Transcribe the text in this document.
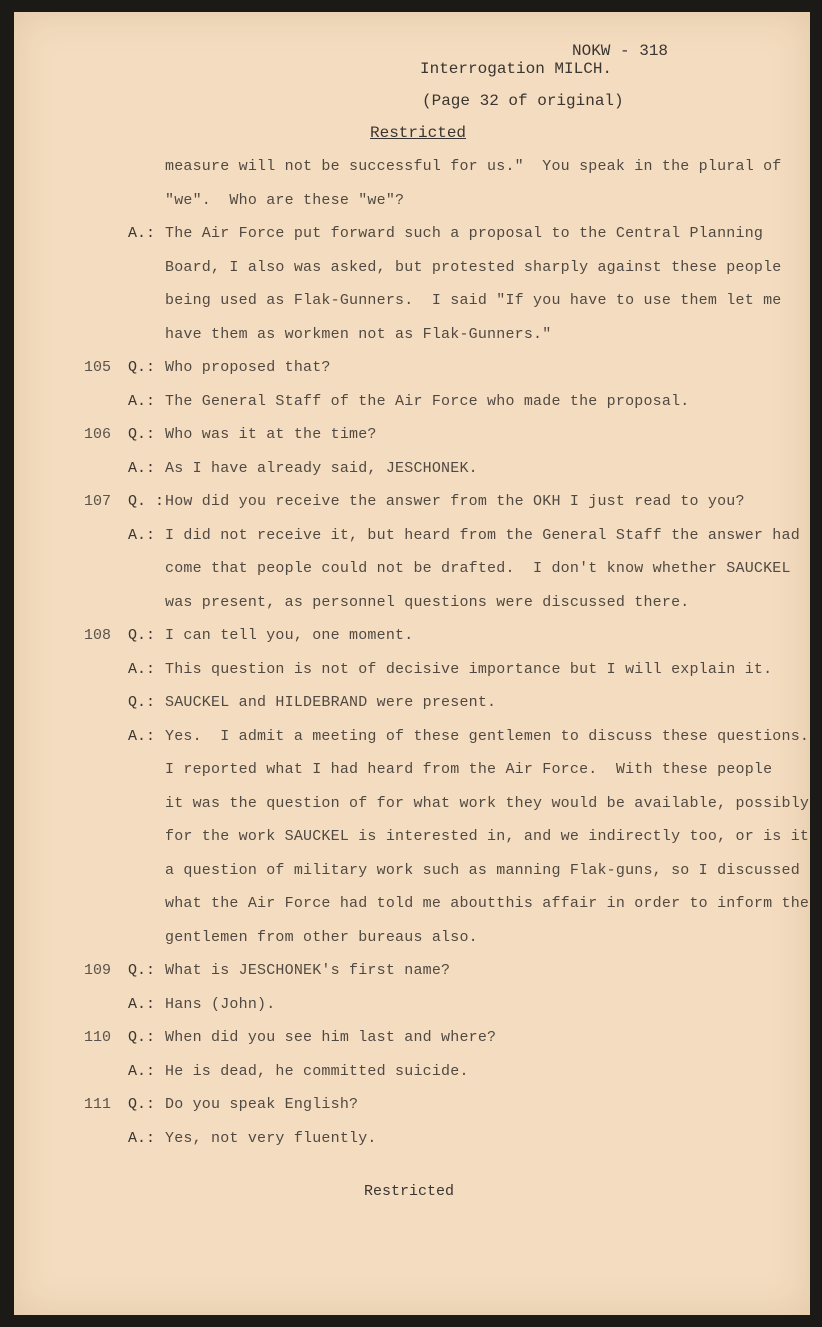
NOKW - 318
Interrogation MILCH.
(Page 32 of original)
Restricted
measure will not be successful for us."  You speak in the plural of
"we".  Who are these "we"?
A.: The Air Force put forward such a proposal to the Central Planning
Board, I also was asked, but protested sharply against these people
being used as Flak-Gunners.  I said "If you have to use them let me
have them as workmen not as Flak-Gunners."
105 Q.: Who proposed that?
A.: The General Staff of the Air Force who made the proposal.
106 Q.: Who was it at the time?
A.: As I have already said, JESCHONEK.
107 Q. : How did you receive the answer from the OKH I just read to you?
A.: I did not receive it, but heard from the General Staff the answer had
come that people could not be drafted.  I don't know whether SAUCKEL
was present, as personnel questions were discussed there.
108 Q.: I can tell you, one moment.
A.: This question is not of decisive importance but I will explain it.
Q.: SAUCKEL and HILDEBRAND were present.
A.: Yes.  I admit a meeting of these gentlemen to discuss these questions.
I reported what I had heard from the Air Force.  With these people
it was the question of for what work they would be available, possibly
for the work SAUCKEL is interested in, and we indirectly too, or is it
a question of military work such as manning Flak-guns, so I discussed
what the Air Force had told me aboutthis affair in order to inform the
gentlemen from other bureaus also.
109 Q.: What is JESCHONEK's first name?
A.: Hans (John).
110 Q.: When did you see him last and where?
A.: He is dead, he committed suicide.
111 Q.: Do you speak English?
A.: Yes, not very fluently.
Restricted
